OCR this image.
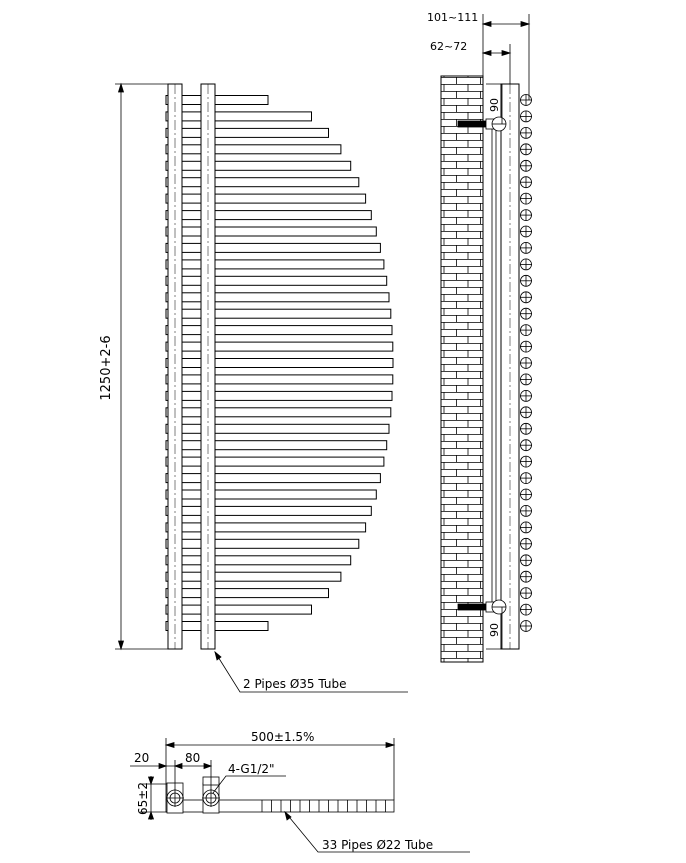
1250+2-6
2 Pipes Ø35 Tube
101~111
62~72
90
90
500±1.5%
80
20
65±2
4-G1/2"
33 Pipes Ø22 Tube
